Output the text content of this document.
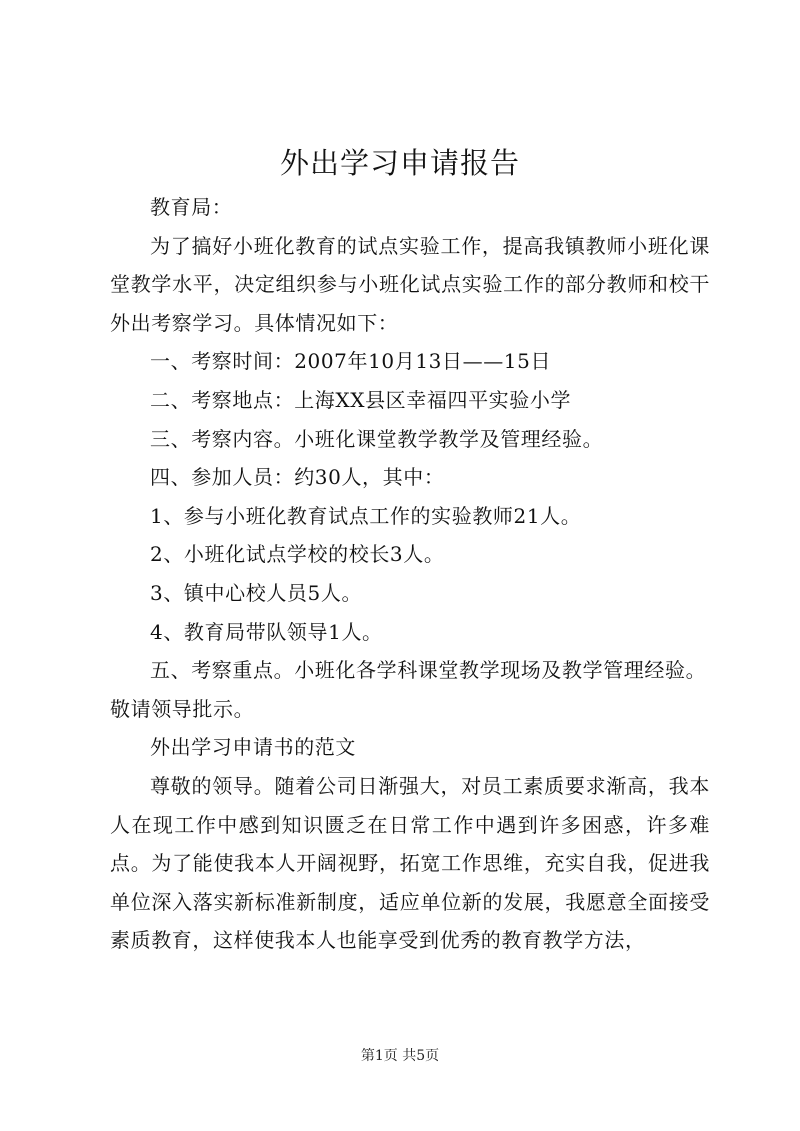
外出学习申请报告

教育局：

为了搞好小班化教育的试点实验工作，提高我镇教师小班化课堂教学水平，决定组织参与小班化试点实验工作的部分教师和校干外出考察学习。具体情况如下：

一、考察时间：2007年10月13日——15日

二、考察地点：上海XX县区幸福四平实验小学

三、考察内容。小班化课堂教学教学及管理经验。

四、参加人员：约30人，其中：

1、参与小班化教育试点工作的实验教师21人。

2、小班化试点学校的校长3人。

3、镇中心校人员5人。

4、教育局带队领导1人。

五、考察重点。小班化各学科课堂教学现场及教学管理经验。

敬请领导批示。

外出学习申请书的范文

尊敬的领导。随着公司日渐强大，对员工素质要求渐高，我本人在现工作中感到知识匮乏在日常工作中遇到许多困惑，许多难点。为了能使我本人开阔视野，拓宽工作思维，充实自我，促进我单位深入落实新标准新制度，适应单位新的发展，我愿意全面接受素质教育，这样使我本人也能享受到优秀的教育教学方法，

第1页 共5页
